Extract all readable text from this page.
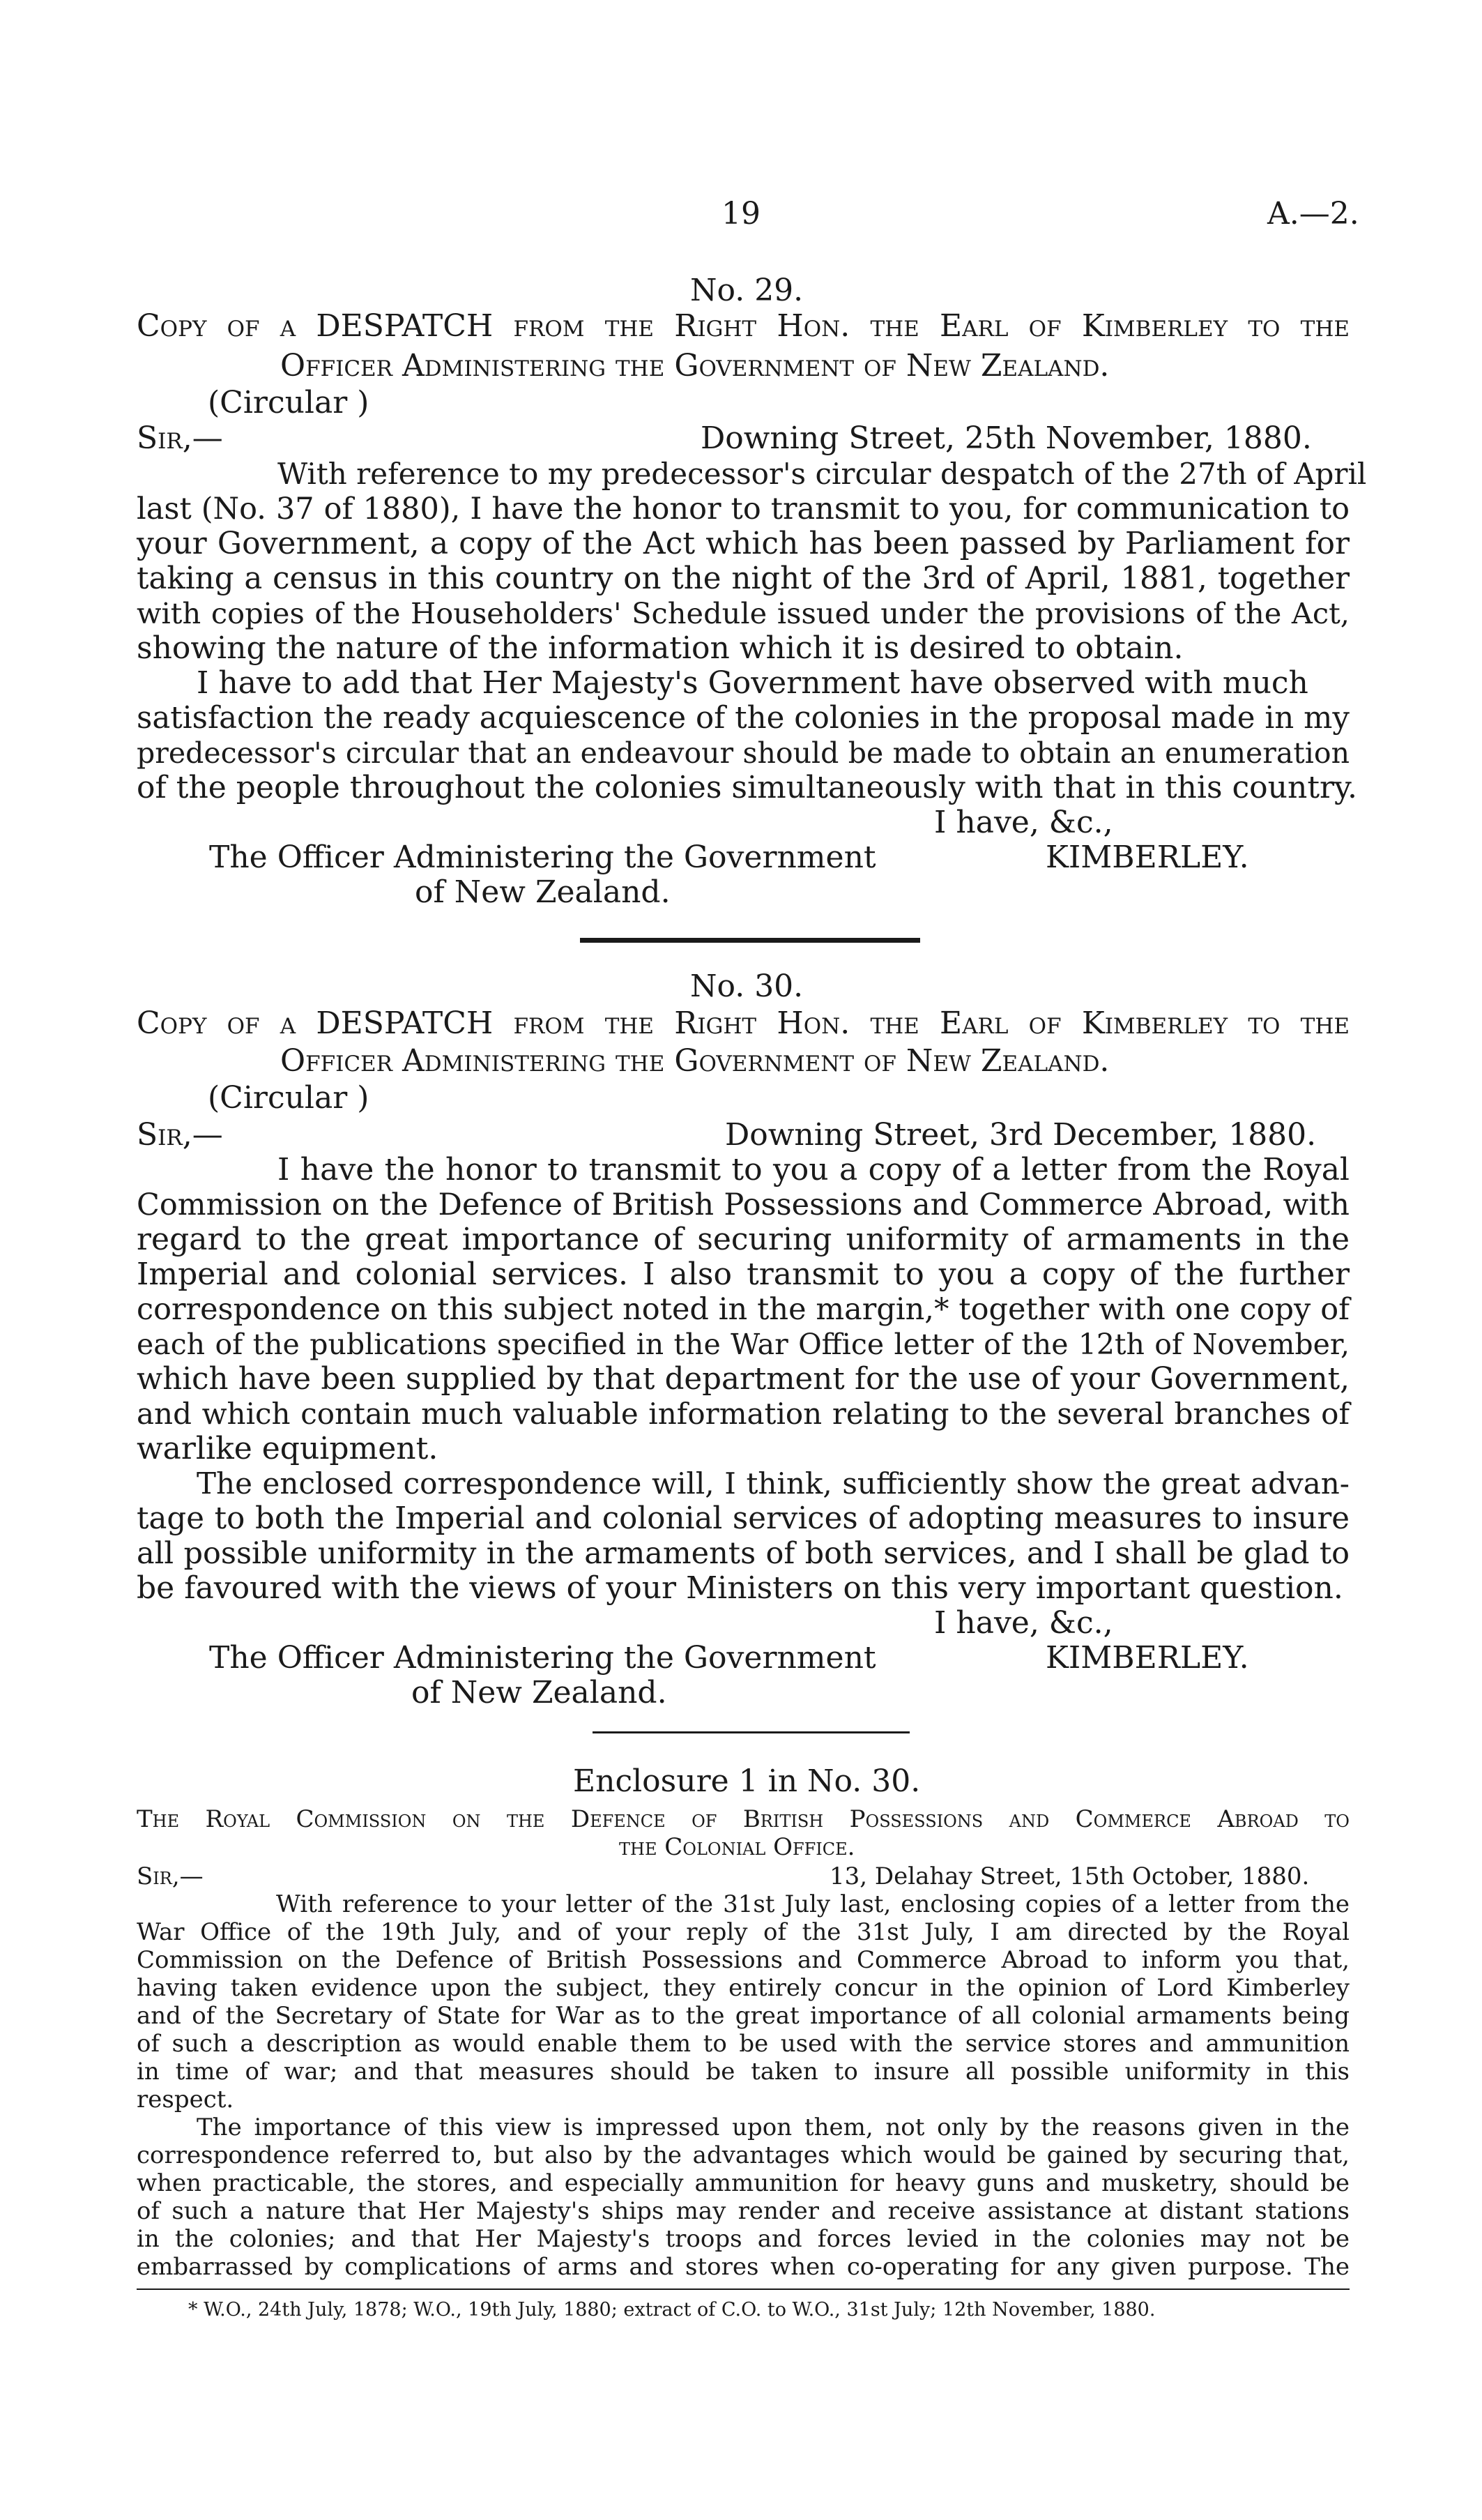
19	A.—2.
No. 29.
Copy of a DESPATCH from the Right Hon. the Earl of Kimberley to the
Officer Administering the Government of New Zealand.
(Circular )
Sir,—	Downing Street, 25th November, 1880.
With reference to my predecessor's circular despatch of the 27th of April
last (No. 37 of 1880), I have the honor to transmit to you, for communication to
your Government, a copy of the Act which has been passed by Parliament for
taking a census in this country on the night of the 3rd of April, 1881, together
with copies of the Householders' Schedule issued under the provisions of the Act,
showing the nature of the information which it is desired to obtain.
I have to add that Her Majesty's Government have observed with much
satisfaction the ready acquiescence of the colonies in the proposal made in my
predecessor's circular that an endeavour should be made to obtain an enumeration
of the people throughout the colonies simultaneously with that in this country.
I have, &c.,
The Officer Administering the Government	KIMBERLEY.
of New Zealand.
No. 30.
Copy of a DESPATCH from the Right Hon. the Earl of Kimberley to the
Officer Administering the Government of New Zealand.
(Circular )
Sir,—	Downing Street, 3rd December, 1880.
I have the honor to transmit to you a copy of a letter from the Royal
Commission on the Defence of British Possessions and Commerce Abroad, with
regard to the great importance of securing uniformity of armaments in the
Imperial and colonial services. I also transmit to you a copy of the further
correspondence on this subject noted in the margin,* together with one copy of
each of the publications specified in the War Office letter of the 12th of November,
which have been supplied by that department for the use of your Government,
and which contain much valuable information relating to the several branches of
warlike equipment.
The enclosed correspondence will, I think, sufficiently show the great advan-
tage to both the Imperial and colonial services of adopting measures to insure
all possible uniformity in the armaments of both services, and I shall be glad to
be favoured with the views of your Ministers on this very important question.
I have, &c.,
The Officer Administering the Government	KIMBERLEY.
of New Zealand.
Enclosure 1 in No. 30.
The Royal Commission on the Defence of British Possessions and Commerce Abroad to
the Colonial Office.
Sir,—	13, Delahay Street, 15th October, 1880.
With reference to your letter of the 31st July last, enclosing copies of a letter from the
War Office of the 19th July, and of your reply of the 31st July, I am directed by the Royal
Commission on the Defence of British Possessions and Commerce Abroad to inform you that,
having taken evidence upon the subject, they entirely concur in the opinion of Lord Kimberley
and of the Secretary of State for War as to the great importance of all colonial armaments being
of such a description as would enable them to be used with the service stores and ammunition
in time of war; and that measures should be taken to insure all possible uniformity in this
respect.
The importance of this view is impressed upon them, not only by the reasons given in the
correspondence referred to, but also by the advantages which would be gained by securing that,
when practicable, the stores, and especially ammunition for heavy guns and musketry, should be
of such a nature that Her Majesty's ships may render and receive assistance at distant stations
in the colonies; and that Her Majesty's troops and forces levied in the colonies may not be
embarrassed by complications of arms and stores when co-operating for any given purpose. The
* W.O., 24th July, 1878; W.O., 19th July, 1880; extract of C.O. to W.O., 31st July; 12th November, 1880.
